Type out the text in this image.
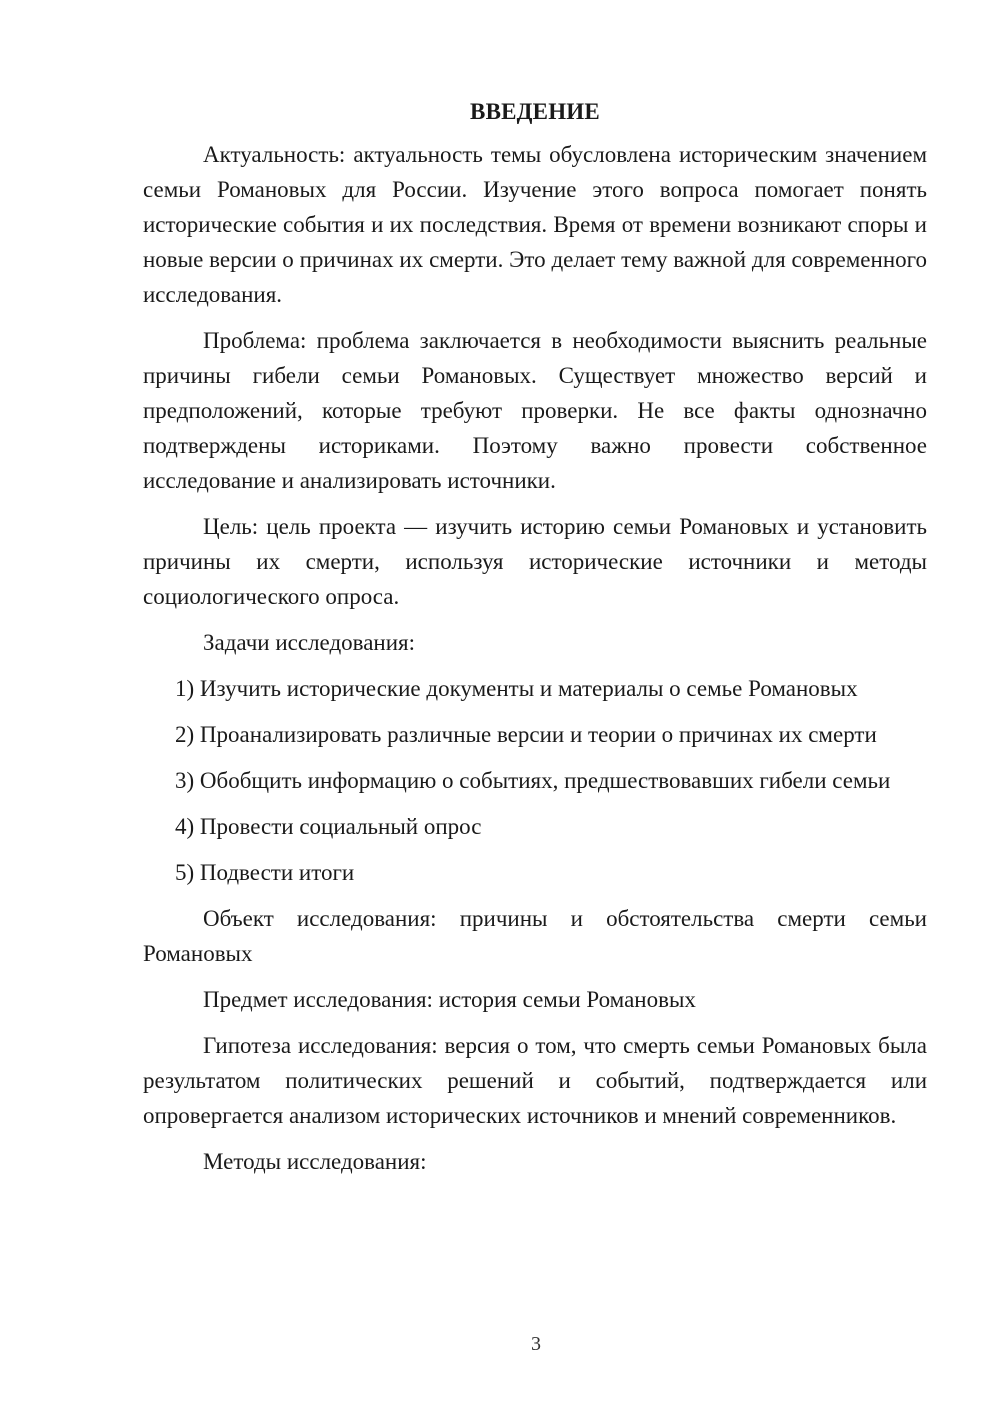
ВВЕДЕНИЕ

Актуальность: актуальность темы обусловлена историческим значением семьи Романовых для России. Изучение этого вопроса помогает понять исторические события и их последствия. Время от времени возникают споры и новые версии о причинах их смерти. Это делает тему важной для современного исследования.

Проблема: проблема заключается в необходимости выяснить реальные причины гибели семьи Романовых. Существует множество версий и предположений, которые требуют проверки. Не все факты однозначно подтверждены историками. Поэтому важно провести собственное исследование и анализировать источники.

Цель: цель проекта — изучить историю семьи Романовых и установить причины их смерти, используя исторические источники и методы социологического опроса.

Задачи исследования:

1) Изучить исторические документы и материалы о семье Романовых

2) Проанализировать различные версии и теории о причинах их смерти

3) Обобщить информацию о событиях, предшествовавших гибели семьи

4) Провести социальный опрос

5) Подвести итоги

Объект исследования: причины и обстоятельства смерти семьи Романовых

Предмет исследования: история семьи Романовых

Гипотеза исследования: версия о том, что смерть семьи Романовых была результатом политических решений и событий, подтверждается или опровергается анализом исторических источников и мнений современников.

Методы исследования:

3
